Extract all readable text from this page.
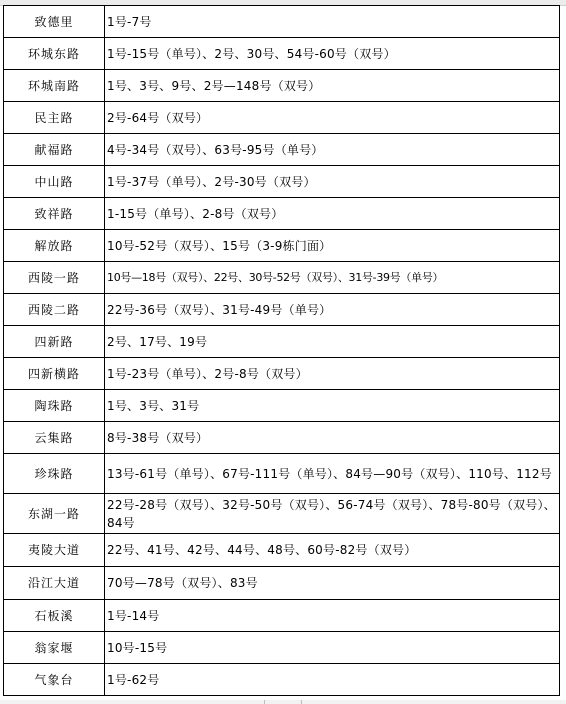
致德里	1号-7号
环城东路	1号-15号（单号）、2号、30号、54号-60号（双号）
环城南路	1号、3号、9号、2号—148号（双号）
民主路	2号-64号（双号）
献福路	4号-34号（双号）、63号-95号（单号）
中山路	1号-37号（单号）、2号-30号（双号）
致祥路	1-15号（单号）、2-8号（双号）
解放路	10号-52号（双号）、15号（3-9栋门面）
西陵一路	10号—18号（双号）、22号、30号-52号（双号）、31号-39号（单号）
西陵二路	22号-36号（双号）、31号-49号（单号）
四新路	2号、17号、19号
四新横路	1号-23号（单号）、2号-8号（双号）
陶珠路	1号、3号、31号
云集路	8号-38号（双号）
珍珠路	13号-61号（单号）、67号-111号（单号）、84号—90号（双号）、110号、112号
东湖一路	22号-28号（双号）、32号-50号（双号）、56-74号（双号）、78号-80号（双号）、84号
夷陵大道	22号、41号、42号、44号、48号、60号-82号（双号）
沿江大道	70号—78号（双号）、83号
石板溪	1号-14号
翁家堰	10号-15号
气象台	1号-62号
